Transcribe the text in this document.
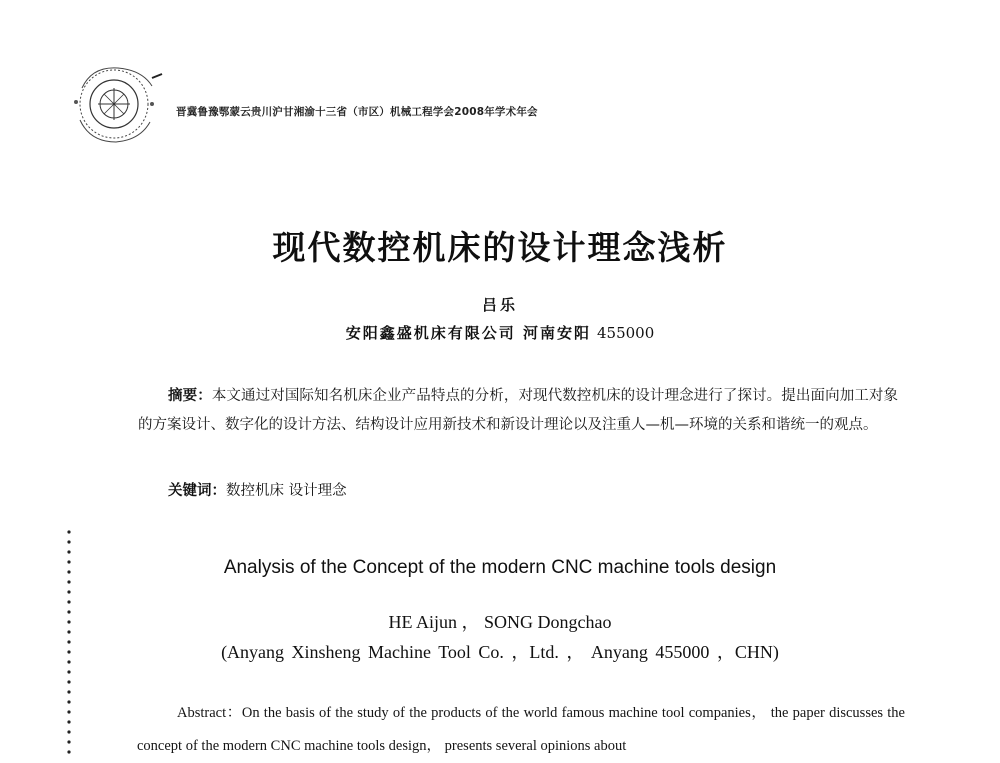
晋冀鲁豫鄂蒙云贵川沪甘湘渝十三省（市区）机械工程学会2008年学术年会
现代数控机床的设计理念浅析
吕乐
安阳鑫盛机床有限公司 河南安阳 455000
摘要：本文通过对国际知名机床企业产品特点的分析，对现代数控机床的设计理念进行了探讨。提出面向加工对象的方案设计、数字化的设计方法、结构设计应用新技术和新设计理论以及注重人—机—环境的关系和谐统一的观点。
关键词：数控机床 设计理念
Analysis of the Concept of the modern CNC machine tools design
HE Aijun ， SONG Dongchao
(Anyang Xinsheng Machine Tool Co. ，Ltd. ， Anyang 455000 ，CHN)
Abstract：On the basis of the study of the products of the world famous machine tool companies， the paper discusses the concept of the modern CNC machine tools design， presents several opinions about
